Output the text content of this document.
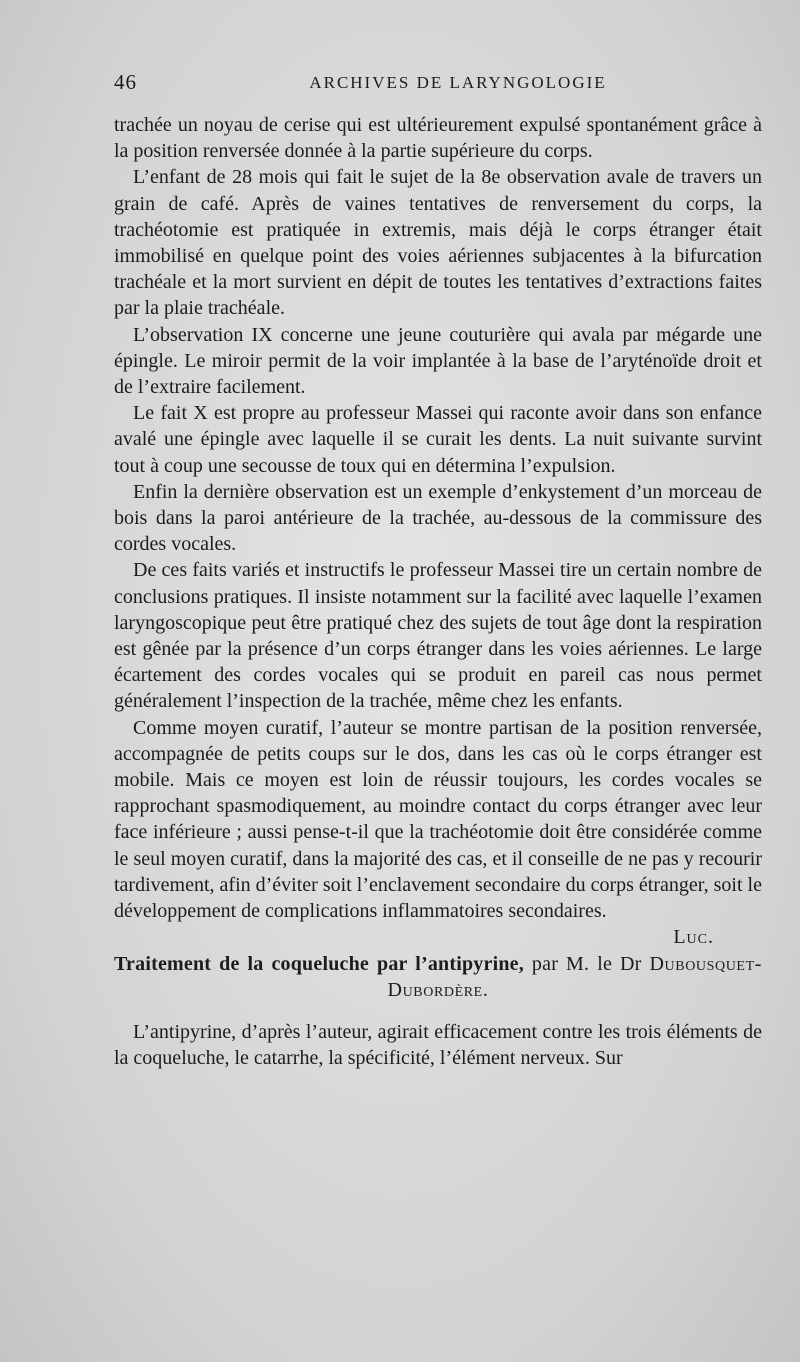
46	ARCHIVES DE LARYNGOLOGIE

trachée un noyau de cerise qui est ultérieurement expulsé spontanément grâce à la position renversée donnée à la partie supérieure du corps.

L’enfant de 28 mois qui fait le sujet de la 8e observation avale de travers un grain de café. Après de vaines tentatives de renversement du corps, la trachéotomie est pratiquée in extremis, mais déjà le corps étranger était immobilisé en quelque point des voies aériennes subjacentes à la bifurcation trachéale et la mort survient en dépit de toutes les tentatives d’extractions faites par la plaie trachéale.

L’observation IX concerne une jeune couturière qui avala par mégarde une épingle. Le miroir permit de la voir implantée à la base de l’aryténoïde droit et de l’extraire facilement.

Le fait X est propre au professeur Massei qui raconte avoir dans son enfance avalé une épingle avec laquelle il se curait les dents. La nuit suivante survint tout à coup une secousse de toux qui en détermina l’expulsion.

Enfin la dernière observation est un exemple d’enkystement d’un morceau de bois dans la paroi antérieure de la trachée, au-dessous de la commissure des cordes vocales.

De ces faits variés et instructifs le professeur Massei tire un certain nombre de conclusions pratiques. Il insiste notamment sur la facilité avec laquelle l’examen laryngoscopique peut être pratiqué chez des sujets de tout âge dont la respiration est gênée par la présence d’un corps étranger dans les voies aériennes. Le large écartement des cordes vocales qui se produit en pareil cas nous permet généralement l’inspection de la trachée, même chez les enfants.

Comme moyen curatif, l’auteur se montre partisan de la position renversée, accompagnée de petits coups sur le dos, dans les cas où le corps étranger est mobile. Mais ce moyen est loin de réussir toujours, les cordes vocales se rapprochant spasmodiquement, au moindre contact du corps étranger avec leur face inférieure ; aussi pense-t-il que la trachéotomie doit être considérée comme le seul moyen curatif, dans la majorité des cas, et il conseille de ne pas y recourir tardivement, afin d’éviter soit l’enclavement secondaire du corps étranger, soit le développement de complications inflammatoires secondaires.

Luc.

Traitement de la coqueluche par l’antipyrine, par M. le Dr Dubousquet-Dubordère.

L’antipyrine, d’après l’auteur, agirait efficacement contre les trois éléments de la coqueluche, le catarrhe, la spécificité, l’élément nerveux. Sur
